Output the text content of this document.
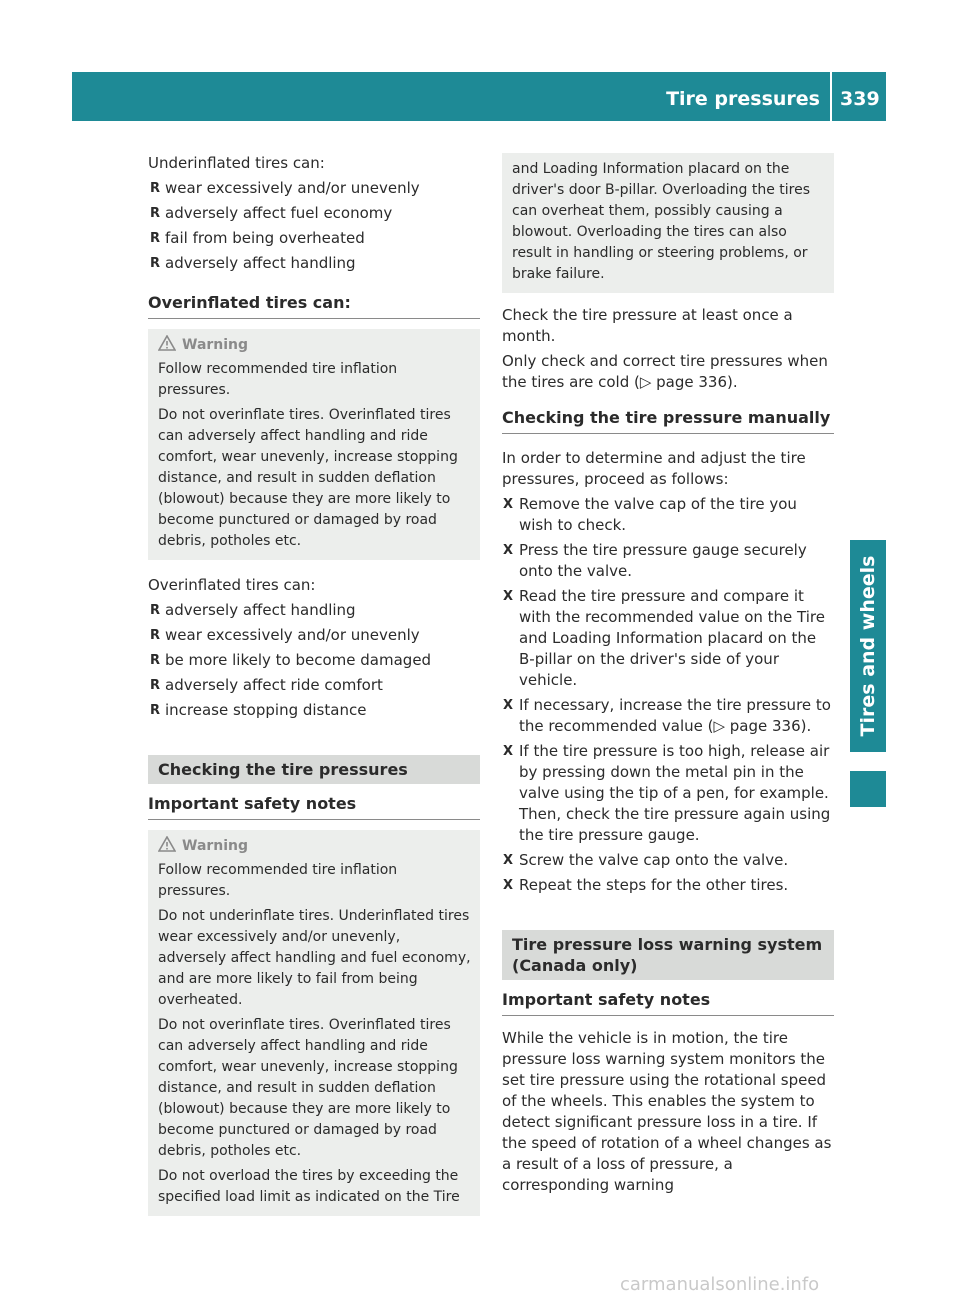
Tire pressures 339
Tires and wheels
Underinflated tires can:
R wear excessively and/or unevenly
R adversely affect fuel economy
R fail from being overheated
R adversely affect handling
Overinflated tires can:
Warning

Follow recommended tire inflation pressures.

Do not overinflate tires. Overinflated tires can adversely affect handling and ride comfort, wear unevenly, increase stopping distance, and result in sudden deflation (blowout) because they are more likely to become punctured or damaged by road debris, potholes etc.

Overinflated tires can:
R adversely affect handling
R wear excessively and/or unevenly
R be more likely to become damaged
R adversely affect ride comfort
R increase stopping distance
Checking the tire pressures
Important safety notes
Warning

Follow recommended tire inflation pressures.

Do not underinflate tires. Underinflated tires wear excessively and/or unevenly, adversely affect handling and fuel economy, and are more likely to fail from being overheated.

Do not overinflate tires. Overinflated tires can adversely affect handling and ride comfort, wear unevenly, increase stopping distance, and result in sudden deflation (blowout) because they are more likely to become punctured or damaged by road debris, potholes etc.

Do not overload the tires by exceeding the specified load limit as indicated on the Tire

and Loading Information placard on the driver's door B-pillar. Overloading the tires can overheat them, possibly causing a blowout. Overloading the tires can also result in handling or steering problems, or brake failure.

Check the tire pressure at least once a month.
Only check and correct tire pressures when the tires are cold (▷ page 336).
Checking the tire pressure manually
In order to determine and adjust the tire pressures, proceed as follows:
X Remove the valve cap of the tire you wish to check.
X Press the tire pressure gauge securely onto the valve.
X Read the tire pressure and compare it with the recommended value on the Tire and Loading Information placard on the B-pillar on the driver's side of your vehicle.
X If necessary, increase the tire pressure to the recommended value (▷ page 336).
X If the tire pressure is too high, release air by pressing down the metal pin in the valve using the tip of a pen, for example. Then, check the tire pressure again using the tire pressure gauge.
X Screw the valve cap onto the valve.
X Repeat the steps for the other tires.
Tire pressure loss warning system (Canada only)
Important safety notes
While the vehicle is in motion, the tire pressure loss warning system monitors the set tire pressure using the rotational speed of the wheels. This enables the system to detect significant pressure loss in a tire. If the speed of rotation of a wheel changes as a result of a loss of pressure, a corresponding warning
carmanualsonline.info
